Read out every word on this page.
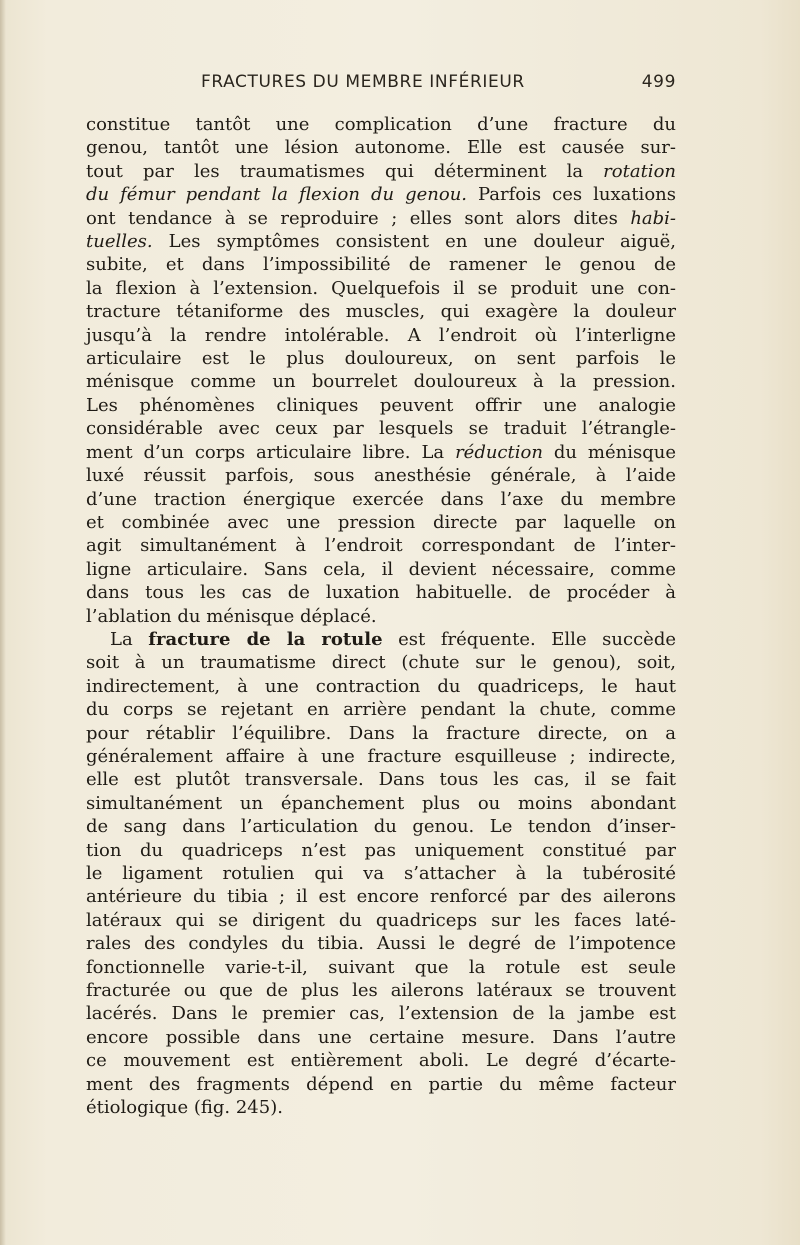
FRACTURES DU MEMBRE INFÉRIEUR	499
constitue tantôt une complication d’une fracture du
genou, tantôt une lésion autonome. Elle est causée sur-
tout par les traumatismes qui déterminent la rotation
du fémur pendant la flexion du genou. Parfois ces luxations
ont tendance à se reproduire ; elles sont alors dites habi-
tuelles. Les symptômes consistent en une douleur aiguë,
subite, et dans l’impossibilité de ramener le genou de
la flexion à l’extension. Quelquefois il se produit une con-
tracture tétaniforme des muscles, qui exagère la douleur
jusqu’à la rendre intolérable. A l’endroit où l’interligne
articulaire est le plus douloureux, on sent parfois le
ménisque comme un bourrelet douloureux à la pression.
Les phénomènes cliniques peuvent offrir une analogie
considérable avec ceux par lesquels se traduit l’étrangle-
ment d’un corps articulaire libre. La réduction du ménisque
luxé réussit parfois, sous anesthésie générale, à l’aide
d’une traction énergique exercée dans l’axe du membre
et combinée avec une pression directe par laquelle on
agit simultanément à l’endroit correspondant de l’inter-
ligne articulaire. Sans cela, il devient nécessaire, comme
dans tous les cas de luxation habituelle. de procéder à
l’ablation du ménisque déplacé.
La fracture de la rotule est fréquente. Elle succède
soit à un traumatisme direct (chute sur le genou), soit,
indirectement, à une contraction du quadriceps, le haut
du corps se rejetant en arrière pendant la chute, comme
pour rétablir l’équilibre. Dans la fracture directe, on a
généralement affaire à une fracture esquilleuse ; indirecte,
elle est plutôt transversale. Dans tous les cas, il se fait
simultanément un épanchement plus ou moins abondant
de sang dans l’articulation du genou. Le tendon d’inser-
tion du quadriceps n’est pas uniquement constitué par
le ligament rotulien qui va s’attacher à la tubérosité
antérieure du tibia ; il est encore renforcé par des ailerons
latéraux qui se dirigent du quadriceps sur les faces laté-
rales des condyles du tibia. Aussi le degré de l’impotence
fonctionnelle varie-t-il, suivant que la rotule est seule
fracturée ou que de plus les ailerons latéraux se trouvent
lacérés. Dans le premier cas, l’extension de la jambe est
encore possible dans une certaine mesure. Dans l’autre
ce mouvement est entièrement aboli. Le degré d’écarte-
ment des fragments dépend en partie du même facteur
étiologique (fig. 245).
